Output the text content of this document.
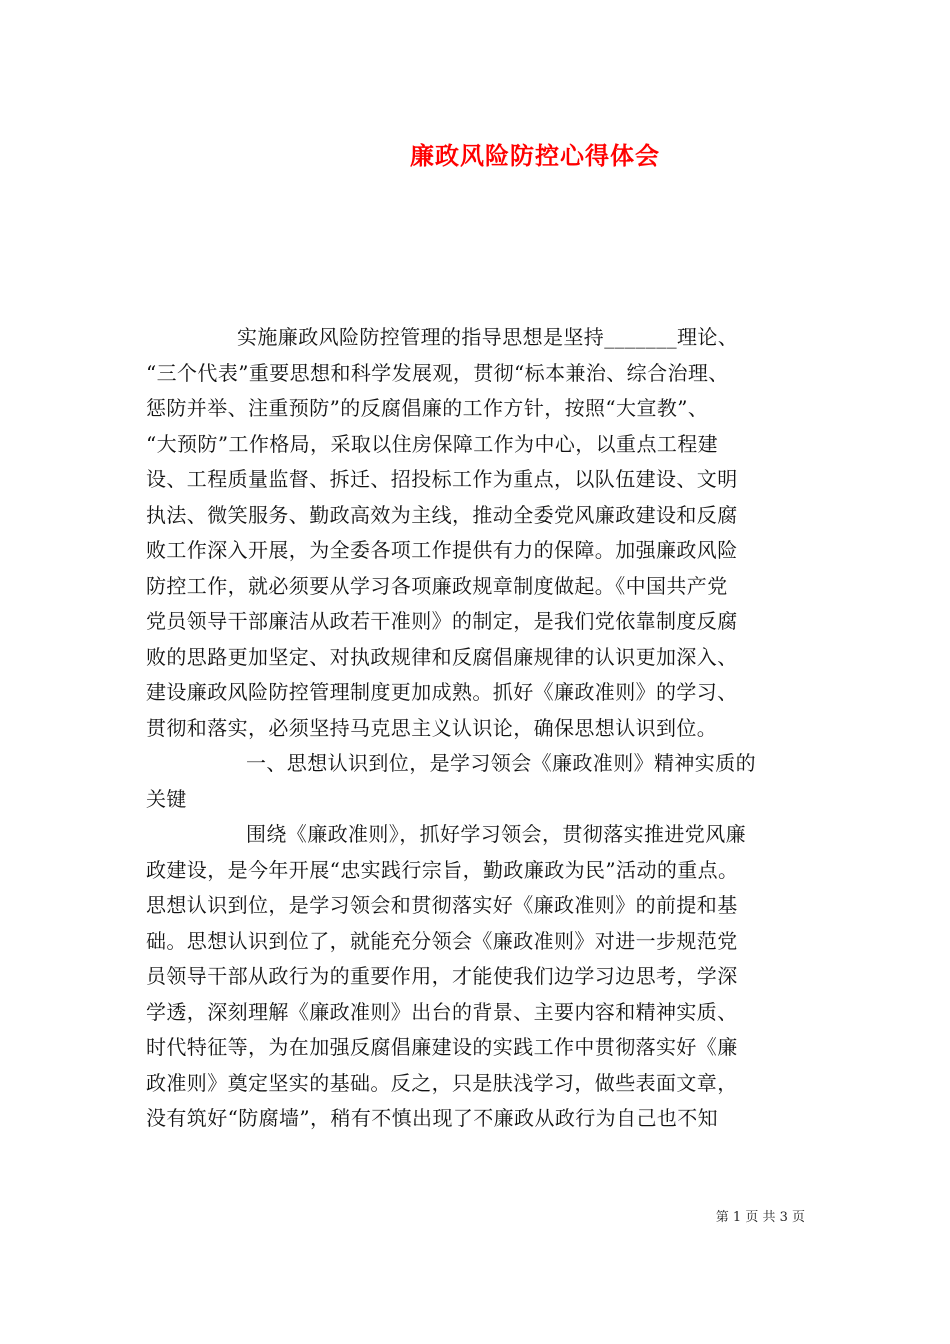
廉政风险防控心得体会
实施廉政风险防控管理的指导思想是坚持_______理论、
“三个代表”重要思想和科学发展观，贯彻“标本兼治、综合治理、
惩防并举、注重预防”的反腐倡廉的工作方针，按照“大宣教”、
“大预防”工作格局，采取以住房保障工作为中心，以重点工程建
设、工程质量监督、拆迁、招投标工作为重点，以队伍建设、文明
执法、微笑服务、勤政高效为主线，推动全委党风廉政建设和反腐
败工作深入开展，为全委各项工作提供有力的保障。加强廉政风险
防控工作，就必须要从学习各项廉政规章制度做起。《中国共产党
党员领导干部廉洁从政若干准则》的制定，是我们党依靠制度反腐
败的思路更加坚定、对执政规律和反腐倡廉规律的认识更加深入、
建设廉政风险防控管理制度更加成熟。抓好《廉政准则》的学习、
贯彻和落实，必须坚持马克思主义认识论，确保思想认识到位。
一、思想认识到位，是学习领会《廉政准则》精神实质的
关键
围绕《廉政准则》，抓好学习领会，贯彻落实推进党风廉
政建设，是今年开展“忠实践行宗旨，勤政廉政为民”活动的重点。
思想认识到位，是学习领会和贯彻落实好《廉政准则》的前提和基
础。思想认识到位了，就能充分领会《廉政准则》对进一步规范党
员领导干部从政行为的重要作用，才能使我们边学习边思考，学深
学透，深刻理解《廉政准则》出台的背景、主要内容和精神实质、
时代特征等，为在加强反腐倡廉建设的实践工作中贯彻落实好《廉
政准则》奠定坚实的基础。反之，只是肤浅学习，做些表面文章，
没有筑好“防腐墙”，稍有不慎出现了不廉政从政行为自己也不知
第 1 页 共 3 页
